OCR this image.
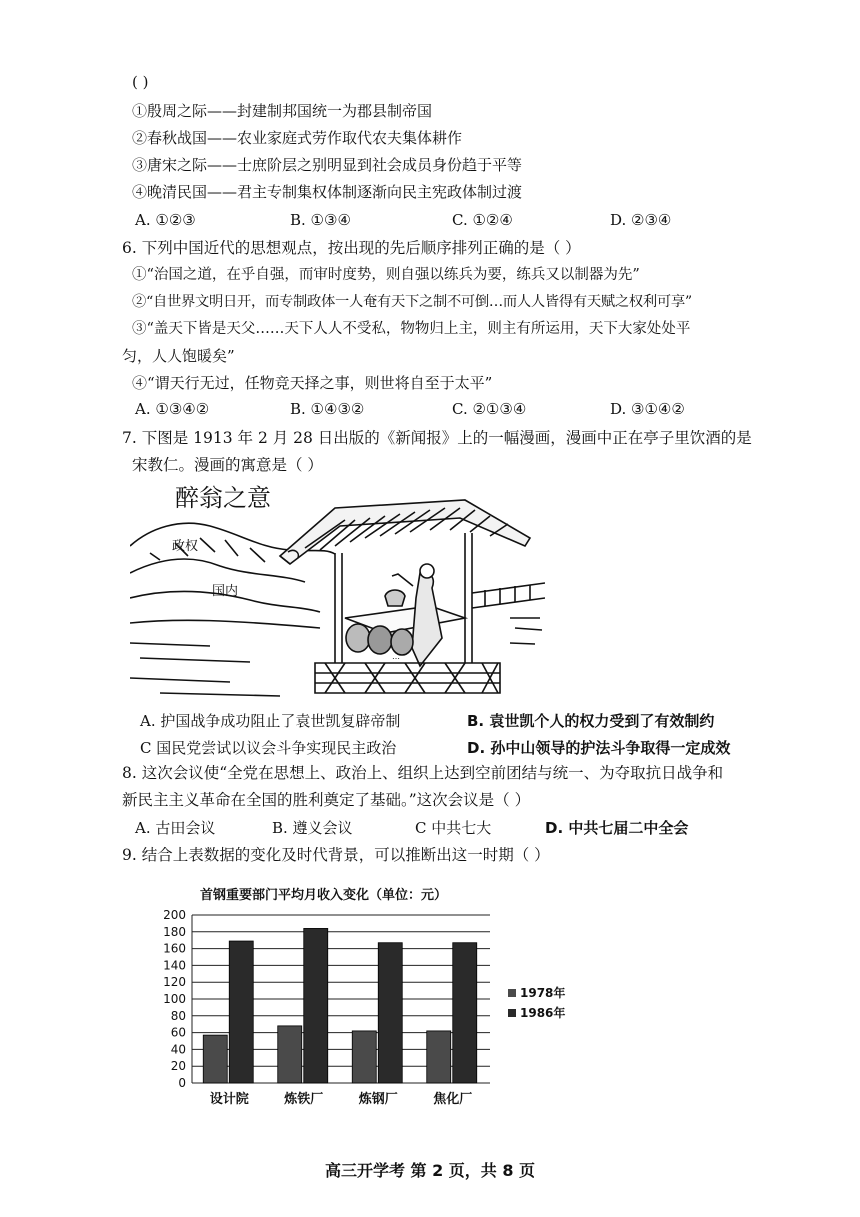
( )
①殷周之际——封建制邦国统一为郡县制帝国
②春秋战国——农业家庭式劳作取代农夫集体耕作
③唐宋之际——士庶阶层之别明显到社会成员身份趋于平等
④晚清民国——君主专制集权体制逐渐向民主宪政体制过渡
A. ①②③	B. ①③④	C. ①②④	D. ②③④
6. 下列中国近代的思想观点，按出现的先后顺序排列正确的是（ ）
①“治国之道，在乎自强，而审时度势，则自强以练兵为要，练兵又以制器为先”
②“自世界文明日开，而专制政体一人奄有天下之制不可倒…而人人皆得有天赋之权利可享”
③“盖天下皆是天父……天下人人不受私，物物归上主，则主有所运用，天下大家处处平
匀，人人饱暖矣”
④“谓天行无过，任物竞天择之事，则世将自至于太平”
A. ①③④②	B. ①④③②	C. ②①③④	D. ③①④②
7. 下图是 1913 年 2 月 28 日出版的《新闻报》上的一幅漫画，漫画中正在亭子里饮酒的是
宋教仁。漫画的寓意是（ ）
醉翁之意
政权
国内
⋯
A. 护国战争成功阻止了袁世凯复辟帝制	B. 袁世凯个人的权力受到了有效制约
C 国民党尝试以议会斗争实现民主政治	D. 孙中山领导的护法斗争取得一定成效
8. 这次会议使“全党在思想上、政治上、组织上达到空前团结与统一、为夺取抗日战争和
新民主主义革命在全国的胜利奠定了基础。”这次会议是（ ）
A. 古田会议	B. 遵义会议	C 中共七大	D. 中共七届二中全会
9. 结合上表数据的变化及时代背景，可以推断出这一时期（ ）
首钢重要部门平均月收入变化（单位：元）
0
20
40
60
80
100
120
140
160
180
200
设计院	炼铁厂	炼钢厂	焦化厂
1978年
1986年
高三开学考 第 2 页，共 8 页
